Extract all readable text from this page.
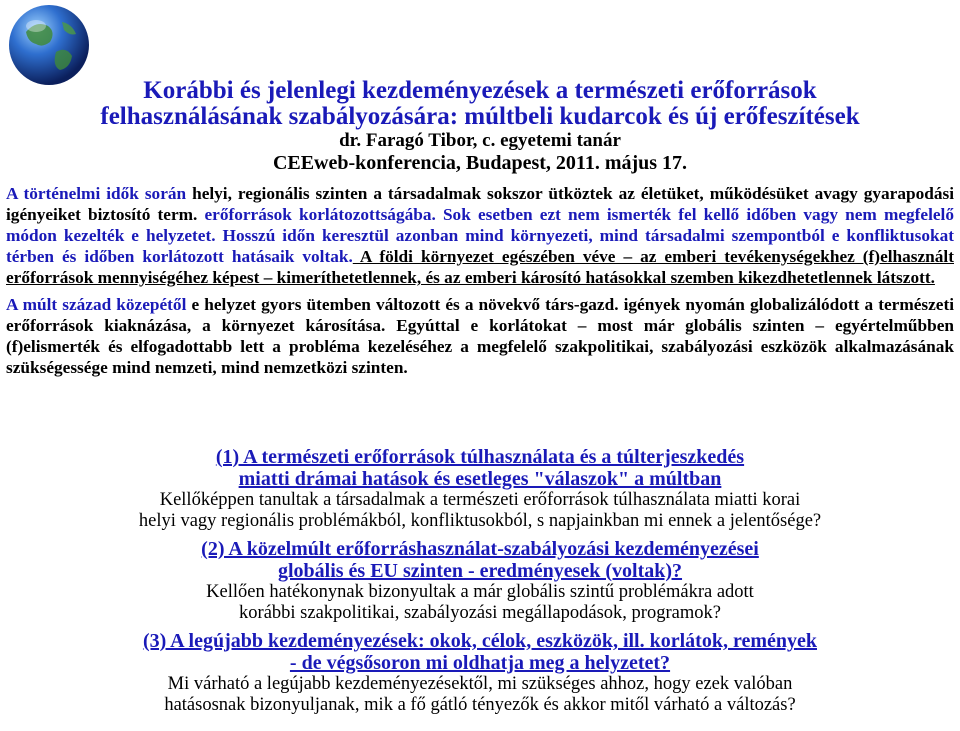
Korábbi és jelenlegi kezdeményezések a természeti erőforrások
felhasználásának szabályozására: múltbeli kudarcok és új erőfeszítések
dr. Faragó Tibor, c. egyetemi tanár
CEEweb-konferencia, Budapest, 2011. május 17.

A történelmi idők során helyi, regionális szinten a társadalmak sokszor ütköztek az életüket, működésüket avagy gyarapodási igényeiket biztosító term. erőforrások korlátozottságába. Sok esetben ezt nem ismerték fel kellő időben vagy nem megfelelő módon kezelték e helyzetet. Hosszú időn keresztül azonban mind környezeti, mind társadalmi szempontból e konfliktusokat térben és időben korlátozott hatásaik voltak. A földi környezet egészében véve – az emberi tevékenységekhez (f)elhasznált erőforrások mennyiségéhez képest – kimeríthetetlennek, és az emberi károsító hatásokkal szemben kikezdhetetlennek látszott.

A múlt század közepétől e helyzet gyors ütemben változott és a növekvő társ-gazd. igények nyomán globalizálódott a természeti erőforrások kiaknázása, a környezet károsítása. Egyúttal e korlátokat – most már globális szinten – egyértelműbben (f)elismerték és elfogadottabb lett a probléma kezeléséhez a megfelelő szakpolitikai, szabályozási eszközök alkalmazásának szükségessége mind nemzeti, mind nemzetközi szinten.

(1) A természeti erőforrások túlhasználata és a túlterjeszkedés
miatti drámai hatások és esetleges "válaszok" a múltban
Kellőképpen tanultak a társadalmak a természeti erőforrások túlhasználata miatti korai
helyi vagy regionális problémákból, konfliktusokból, s napjainkban mi ennek a jelentősége?
(2) A közelmúlt erőforráshasználat-szabályozási kezdeményezései
globális és EU szinten - eredményesek (voltak)?
Kellően hatékonynak bizonyultak a már globális szintű problémákra adott
korábbi szakpolitikai, szabályozási megállapodások, programok?
(3) A legújabb kezdeményezések: okok, célok, eszközök, ill. korlátok, remények
- de végsősoron mi oldhatja meg a helyzetet?
Mi várható a legújabb kezdeményezésektől, mi szükséges ahhoz, hogy ezek valóban
hatásosnak bizonyuljanak, mik a fő gátló tényezők és akkor mitől várható a változás?
